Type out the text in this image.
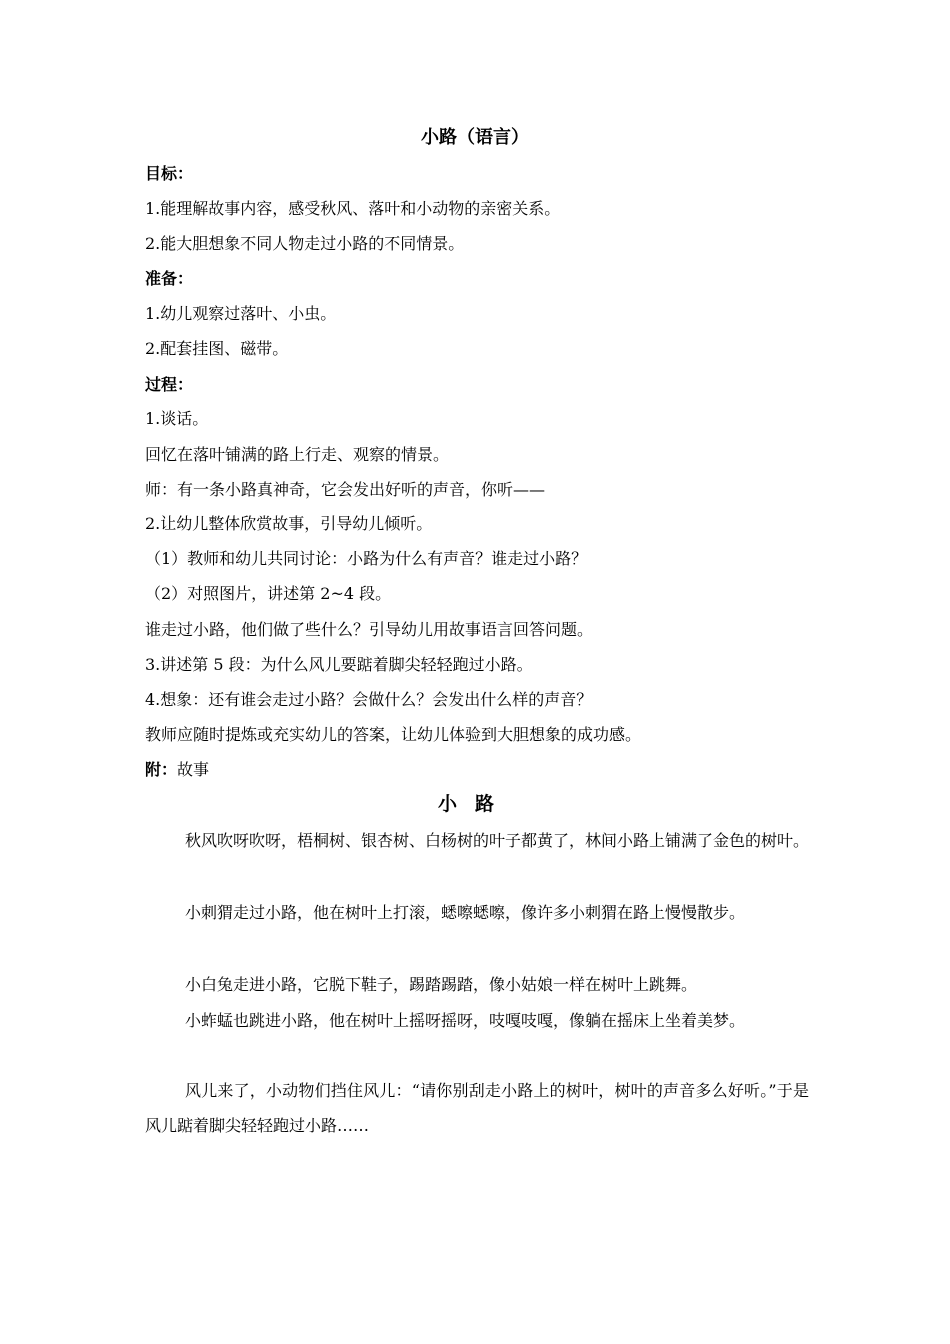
小路（语言）
目标：
1.能理解故事内容，感受秋风、落叶和小动物的亲密关系。
2.能大胆想象不同人物走过小路的不同情景。
准备：
1.幼儿观察过落叶、小虫。
2.配套挂图、磁带。
过程：
1.谈话。
回忆在落叶铺满的路上行走、观察的情景。
师：有一条小路真神奇，它会发出好听的声音，你听——
2.让幼儿整体欣赏故事，引导幼儿倾听。
（1）教师和幼儿共同讨论：小路为什么有声音？谁走过小路？
（2）对照图片，讲述第 2~4 段。
谁走过小路，他们做了些什么？引导幼儿用故事语言回答问题。
3.讲述第 5 段：为什么风儿要踮着脚尖轻轻跑过小路。
4.想象：还有谁会走过小路？会做什么？会发出什么样的声音？
教师应随时提炼或充实幼儿的答案，让幼儿体验到大胆想象的成功感。
附：故事
小路
秋风吹呀吹呀，梧桐树、银杏树、白杨树的叶子都黄了，林间小路上铺满了金色的树叶。
小刺猬走过小路，他在树叶上打滚，蟋嚓蟋嚓，像许多小刺猬在路上慢慢散步。
小白兔走进小路，它脱下鞋子，踢踏踢踏，像小姑娘一样在树叶上跳舞。
小蚱蜢也跳进小路，他在树叶上摇呀摇呀，吱嘎吱嘎，像躺在摇床上坐着美梦。
风儿来了，小动物们挡住风儿：“请你别刮走小路上的树叶，树叶的声音多么好听。”于是风儿踮着脚尖轻轻跑过小路……
